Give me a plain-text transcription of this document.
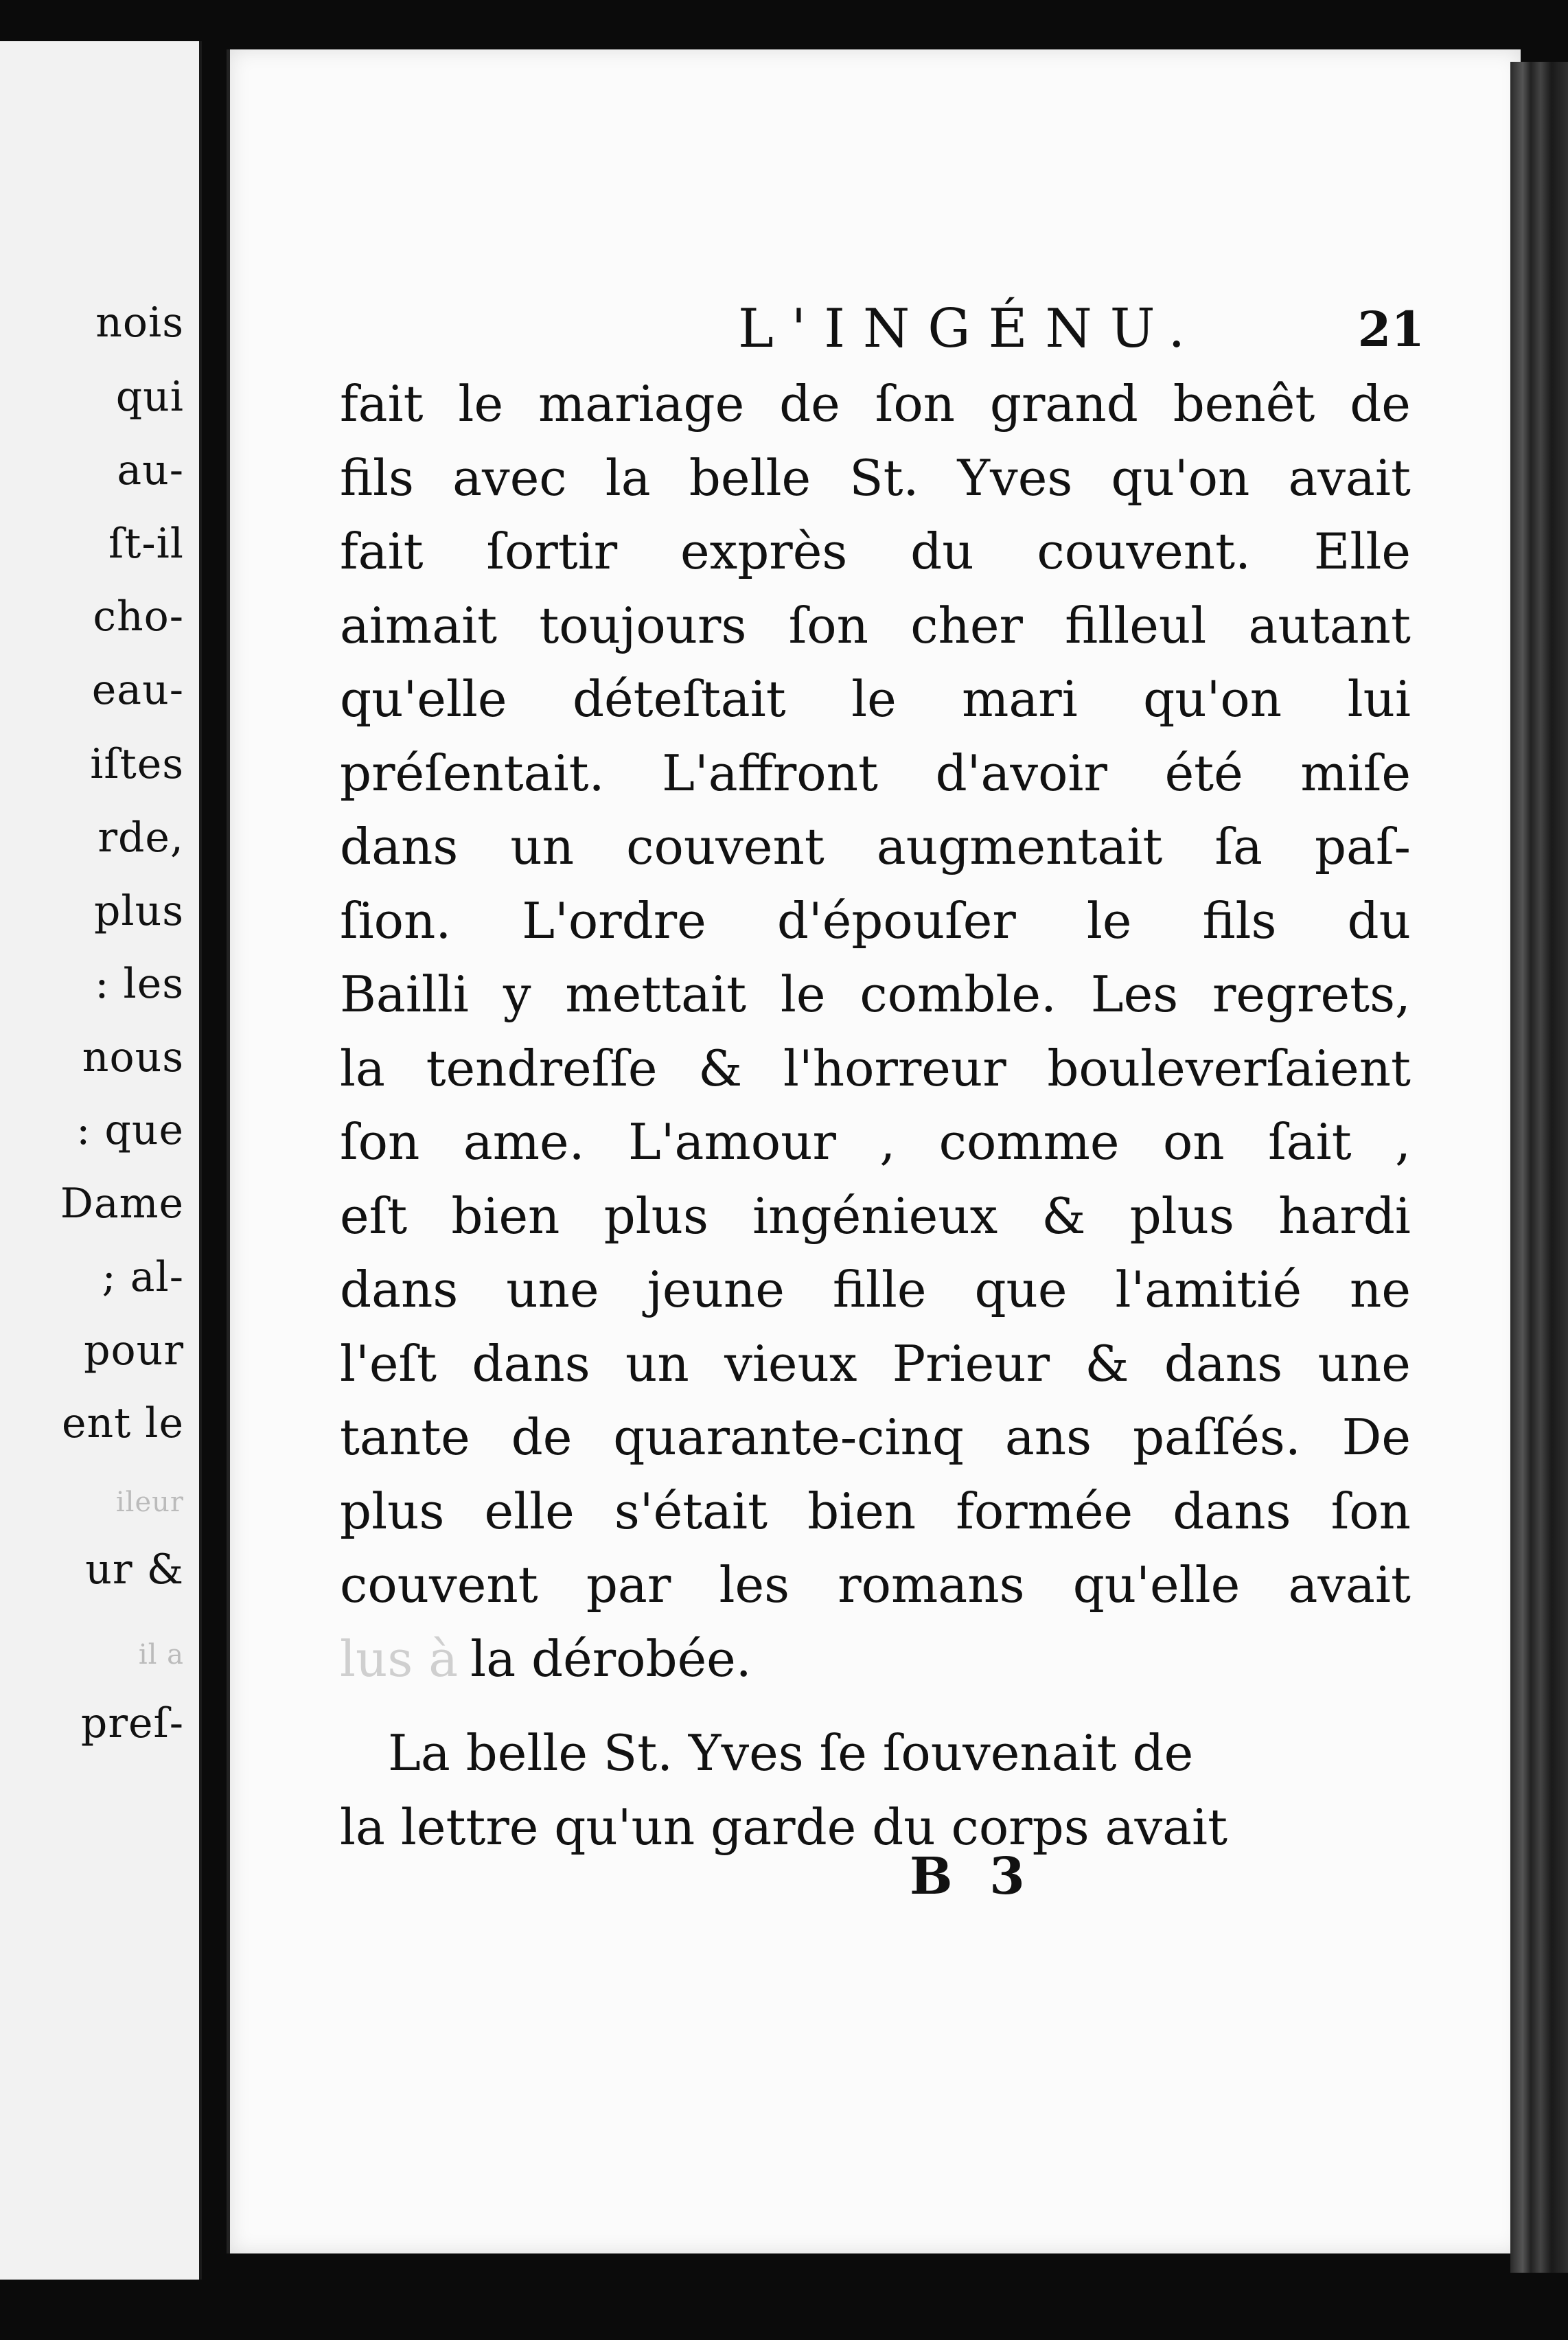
nois
qui
au-
ſt-il
cho-
eau-
iſtes
rde,
plus
: les
nous
: que
Dame
; al-
pour
ent le
ileur
ur &
il a
preſ-
L'INGÉNU.	21
fait le mariage de ſon grand benêt de
fils avec la belle St. Yves qu'on avait
fait ſortir exprès du couvent. Elle
aimait toujours ſon cher filleul autant
qu'elle déteſtait le mari qu'on lui
préſentait. L'affront d'avoir été miſe
dans un couvent augmentait ſa paſ-
ſion. L'ordre d'épouſer le fils du
Bailli y mettait le comble. Les regrets,
la tendreſſe & l'horreur bouleverſaient
ſon ame. L'amour , comme on ſait ,
eſt bien plus ingénieux & plus hardi
dans une jeune fille que l'amitié ne
l'eſt dans un vieux Prieur & dans une
tante de quarante-cinq ans paſſés. De
plus elle s'était bien formée dans ſon
couvent par les romans qu'elle avait
lus à la dérobée.
La belle St. Yves ſe ſouvenait de
la lettre qu'un garde du corps avait
B 3
